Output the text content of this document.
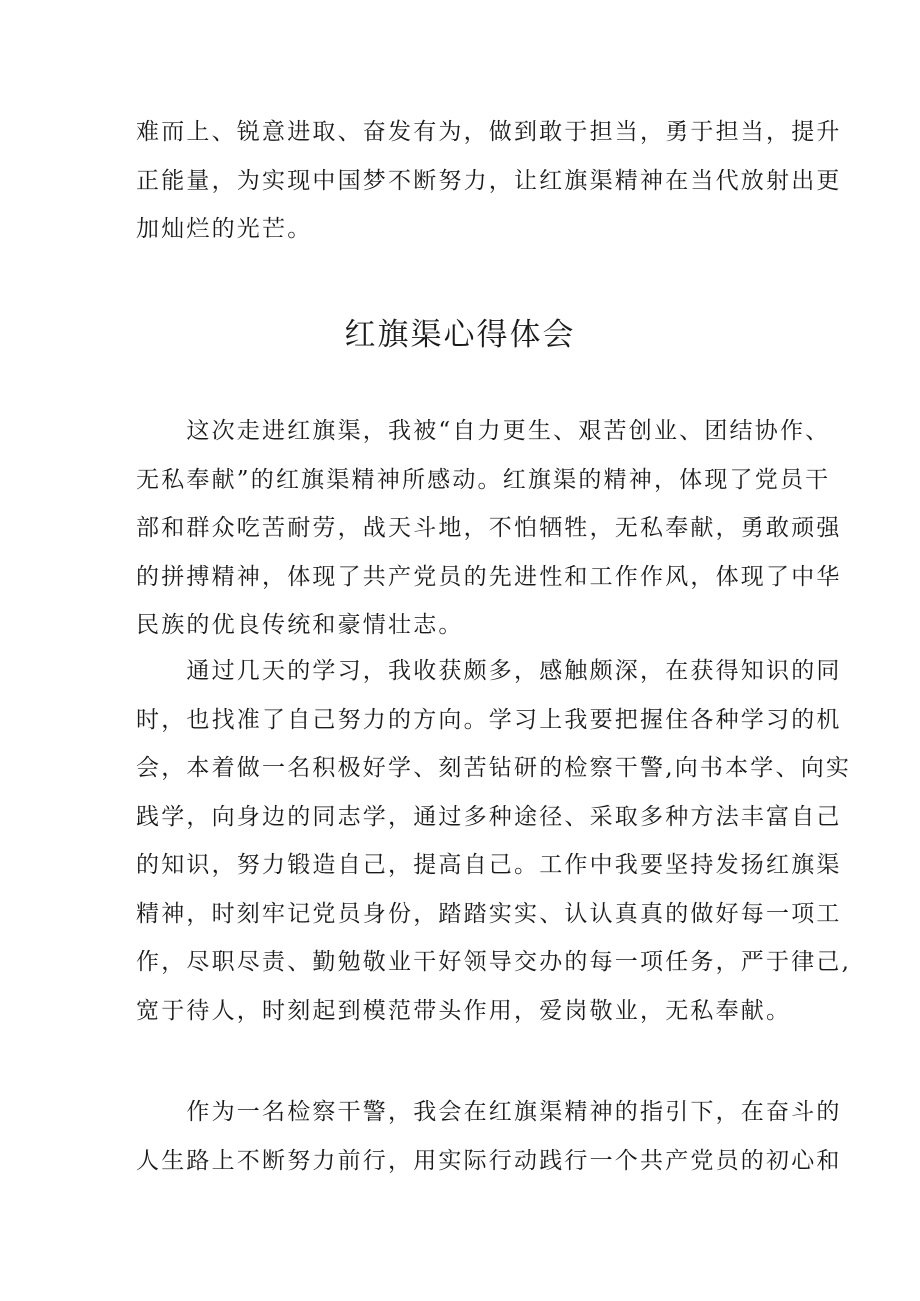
难而上、锐意进取、奋发有为，做到敢于担当，勇于担当，提升
正能量，为实现中国梦不断努力，让红旗渠精神在当代放射出更
加灿烂的光芒。
红旗渠心得体会
　　这次走进红旗渠，我被“自力更生、艰苦创业、团结协作、
无私奉献”的红旗渠精神所感动。红旗渠的精神，体现了党员干
部和群众吃苦耐劳，战天斗地，不怕牺牲，无私奉献，勇敢顽强
的拼搏精神，体现了共产党员的先进性和工作作风，体现了中华
民族的优良传统和豪情壮志。
　　通过几天的学习，我收获颇多，感触颇深，在获得知识的同
时，也找准了自己努力的方向。学习上我要把握住各种学习的机
会，本着做一名积极好学、刻苦钻研的检察干警,向书本学、向实
践学，向身边的同志学，通过多种途径、采取多种方法丰富自己
的知识，努力锻造自己，提高自己。工作中我要坚持发扬红旗渠
精神，时刻牢记党员身份，踏踏实实、认认真真的做好每一项工
作，尽职尽责、勤勉敬业干好领导交办的每一项任务，严于律己,
宽于待人，时刻起到模范带头作用，爱岗敬业，无私奉献。
　　作为一名检察干警，我会在红旗渠精神的指引下，在奋斗的
人生路上不断努力前行，用实际行动践行一个共产党员的初心和
